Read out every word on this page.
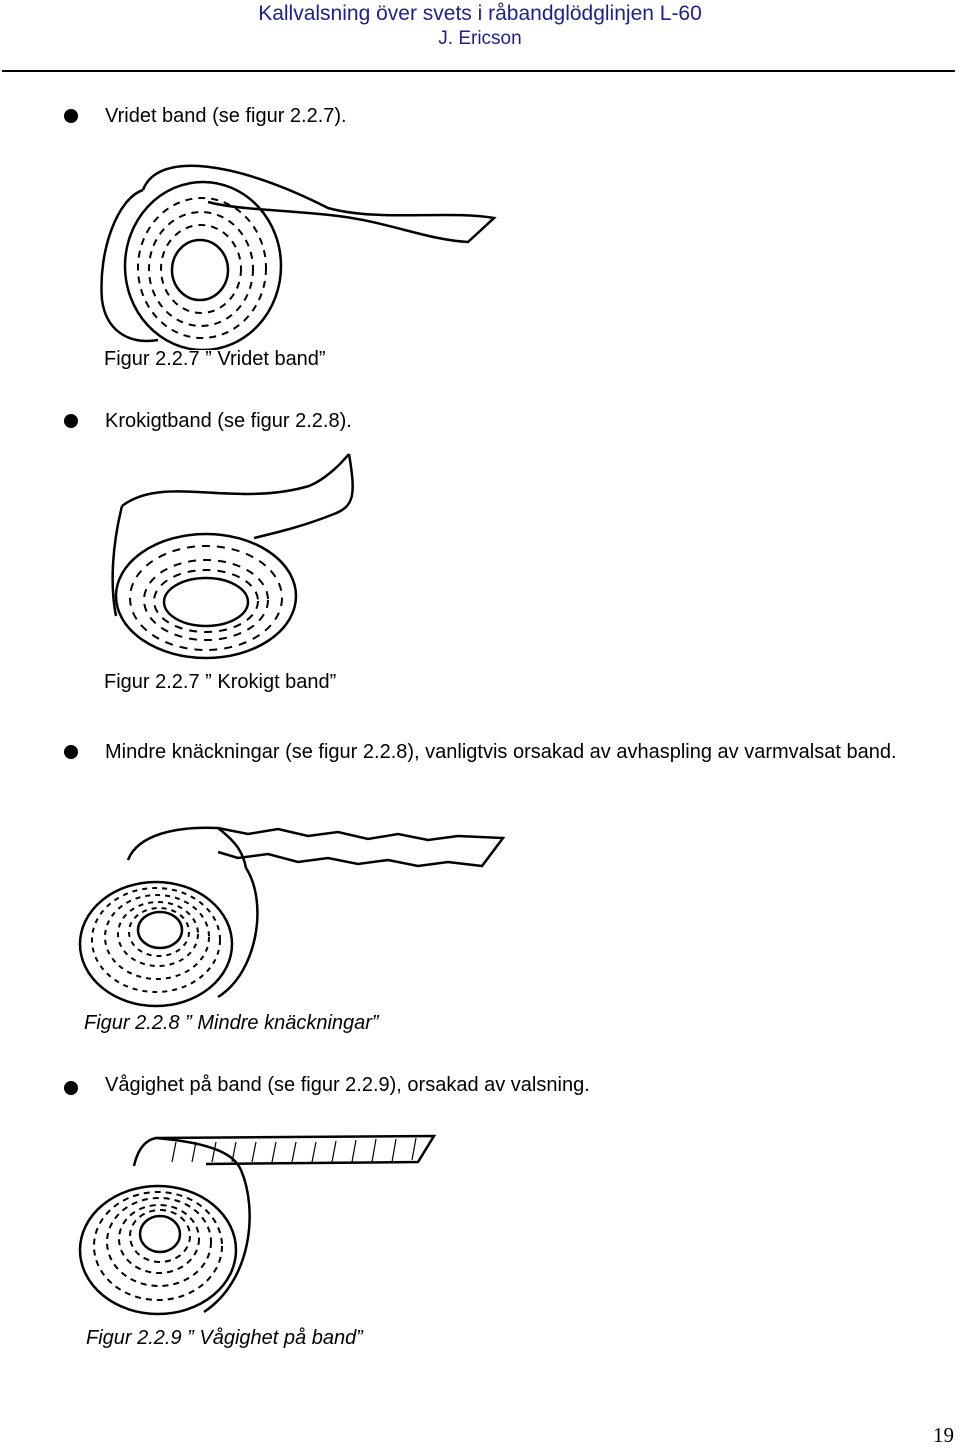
Kallvalsning över svets i råbandglödglinjen L-60
J. Ericson
Vridet band (se figur 2.2.7).
Figur 2.2.7 ” Vridet band”
Krokigtband (se figur 2.2.8).
Figur 2.2.7 ” Krokigt band”
Mindre knäckningar (se figur 2.2.8), vanligtvis orsakad av avhaspling av varmvalsat band.
Figur 2.2.8 ” Mindre knäckningar”
Vågighet på band (se figur 2.2.9), orsakad av valsning.
Figur 2.2.9 ” Vågighet på band”
19
